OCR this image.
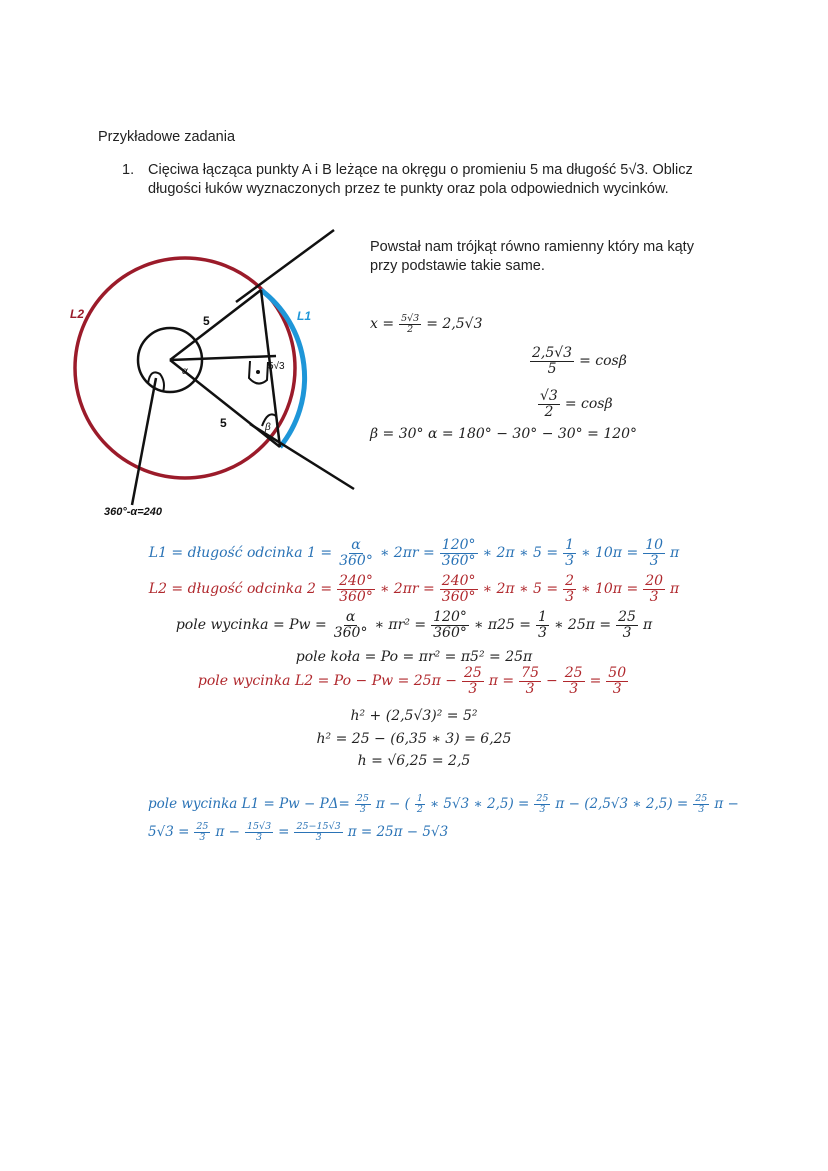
Przykładowe zadania
1. Cięciwa łącząca punkty A i B leżące na okręgu o promieniu 5 ma długość 5√3. Oblicz
długości łuków wyznaczonych przez te punkty oraz pola odpowiednich wycinków.
L2	L1
5
5
α
β
5√3
360°-α=240
Powstał nam trójkąt równo ramienny który ma kąty
przy podstawie takie same.
$x = \frac{5√3}{2} = 2,5√3$
$\frac{2,5√3}{5} = \cos\beta$
$\frac{√3}{2} = \cos\beta$
β = 30° α = 180° − 30° − 30° = 120°
L1 = długość odcinka $1 = \frac{\alpha}{360^\circ}$ ∗ $2\pi r = \frac{120^\circ}{360^\circ}$ ∗ 2π ∗ $5 = \frac{1}{3}$ ∗ $10\pi = \frac{10}{3}$ π
L2 = długość odcinka $2 = \frac{240^\circ}{360^\circ}$ ∗ $2\pi r = \frac{240^\circ}{360^\circ}$ ∗ 2π ∗ $5 = \frac{2}{3}$ ∗ $10\pi = \frac{20}{3}$ π
pole wycinka = $Pw = \frac{\alpha}{360^\circ}$ ∗ $\pi r^2 = \frac{120^\circ}{360^\circ}$ ∗ $\pi 25 = \frac{1}{3}$ ∗ $25\pi = \frac{25}{3}$ π
pole koła = Po = πr² = π5² = 25π
pole wycinka $L2 = Po - Pw = 25\pi - \frac{25}{3}$ $\pi = \frac{75}{3} - \frac{25}{3} = \frac{50}{3}$
h² + (2,5√3)² = 5²
h² = 25 − (6,35 ∗ 3) = 6,25
h = √6,25 = 2,5
pole wycinka $L1 = Pw - P\Delta= \frac{25}{3}$ π − ( $\frac{1}{2}$ ∗ 5√3 ∗ $2,5) = \frac{25}{3}$ π − (2,5√3 ∗ $2,5) = \frac{25}{3}$ π −
$5√3 = \frac{25}{3}$ $\pi - \frac{15√3}{3} = \frac{25-15√3}{3}$ π = 25π − 5√3
